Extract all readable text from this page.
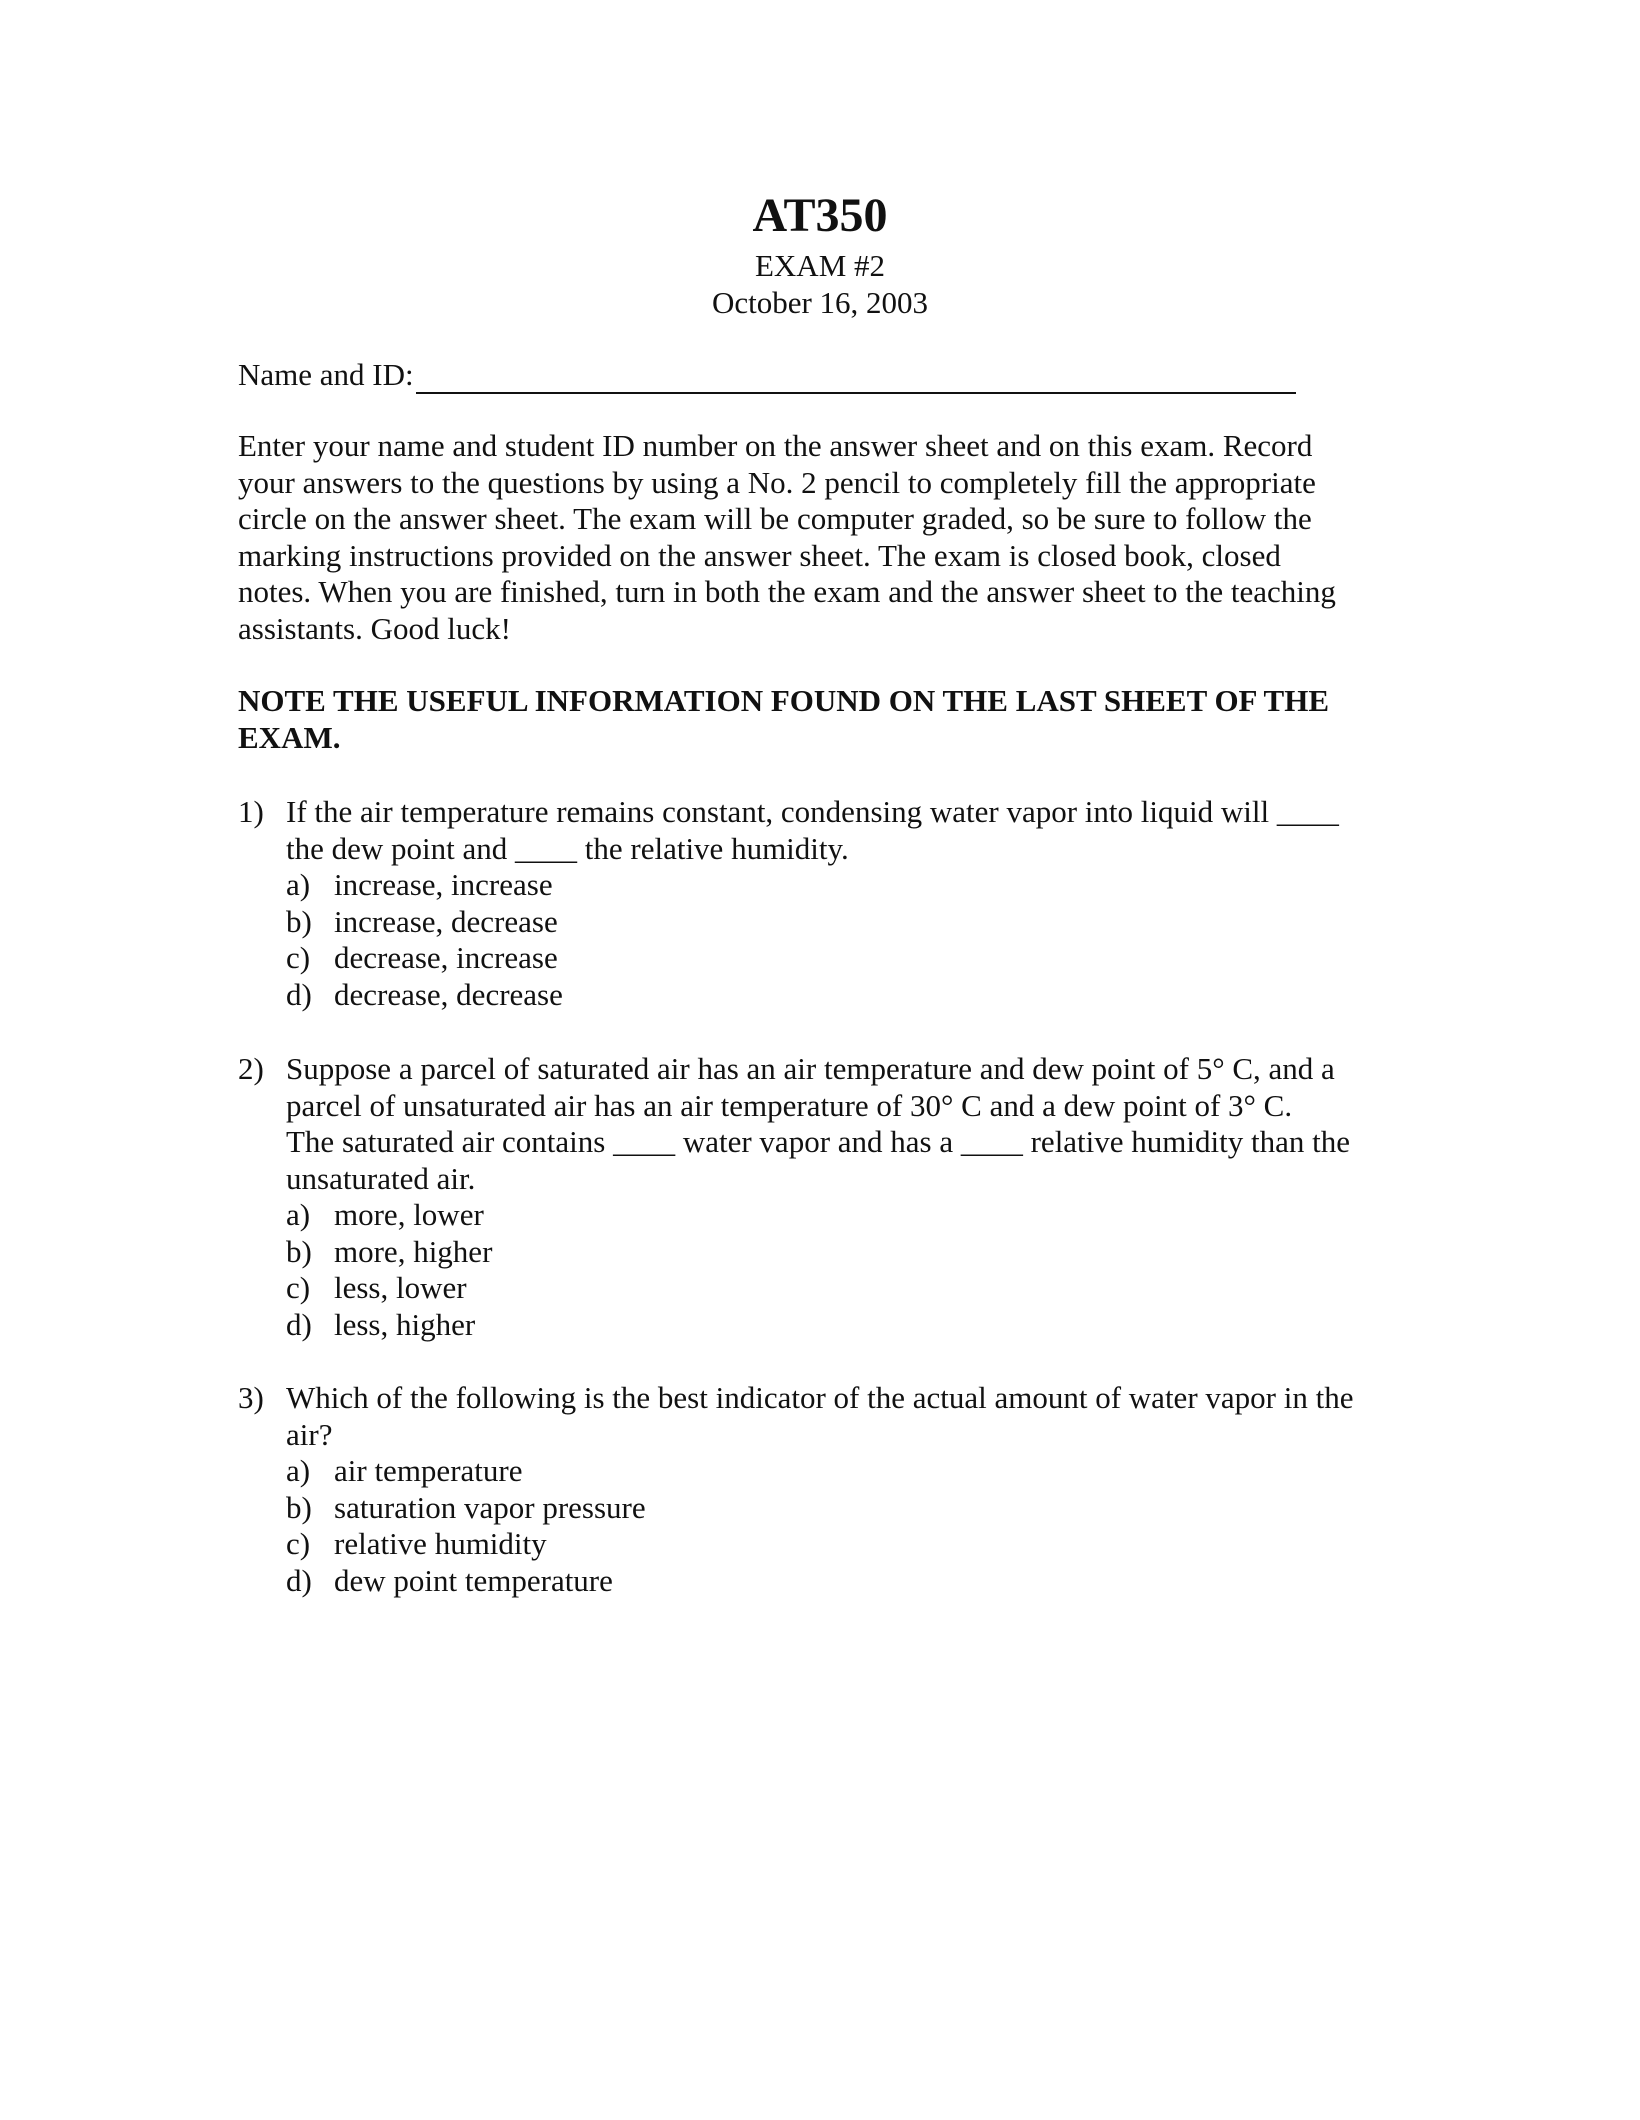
AT350
EXAM #2
October 16, 2003
Name and ID:
Enter your name and student ID number on the answer sheet and on this exam. Record
your answers to the questions by using a No. 2 pencil to completely fill the appropriate
circle on the answer sheet. The exam will be computer graded, so be sure to follow the
marking instructions provided on the answer sheet. The exam is closed book, closed
notes. When you are finished, turn in both the exam and the answer sheet to the teaching
assistants. Good luck!
NOTE THE USEFUL INFORMATION FOUND ON THE LAST SHEET OF THE
EXAM.
1) If the air temperature remains constant, condensing water vapor into liquid will ____
the dew point and ____ the relative humidity.
a) increase, increase
b) increase, decrease
c) decrease, increase
d) decrease, decrease
2) Suppose a parcel of saturated air has an air temperature and dew point of 5° C, and a
parcel of unsaturated air has an air temperature of 30° C and a dew point of 3° C.
The saturated air contains ____ water vapor and has a ____ relative humidity than the
unsaturated air.
a) more, lower
b) more, higher
c) less, lower
d) less, higher
3) Which of the following is the best indicator of the actual amount of water vapor in the
air?
a) air temperature
b) saturation vapor pressure
c) relative humidity
d) dew point temperature
